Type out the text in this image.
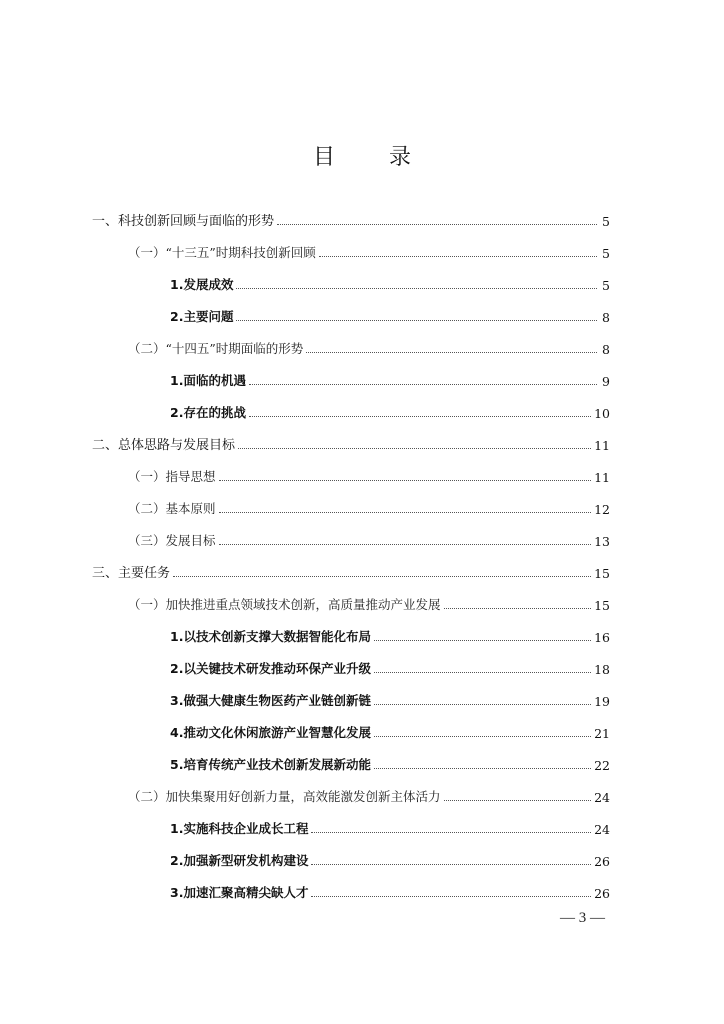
目　录
一、科技创新回顾与面临的形势	5
（一）“十三五”时期科技创新回顾	5
1.发展成效	5
2.主要问题	8
（二）“十四五”时期面临的形势	8
1.面临的机遇	9
2.存在的挑战	10
二、总体思路与发展目标	11
（一）指导思想	11
（二）基本原则	12
（三）发展目标	13
三、主要任务	15
（一）加快推进重点领域技术创新，高质量推动产业发展	15
1.以技术创新支撑大数据智能化布局	16
2.以关键技术研发推动环保产业升级	18
3.做强大健康生物医药产业链创新链	19
4.推动文化休闲旅游产业智慧化发展	21
5.培育传统产业技术创新发展新动能	22
（二）加快集聚用好创新力量，高效能激发创新主体活力	24
1.实施科技企业成长工程	24
2.加强新型研发机构建设	26
3.加速汇聚高精尖缺人才	26
— 3 —
